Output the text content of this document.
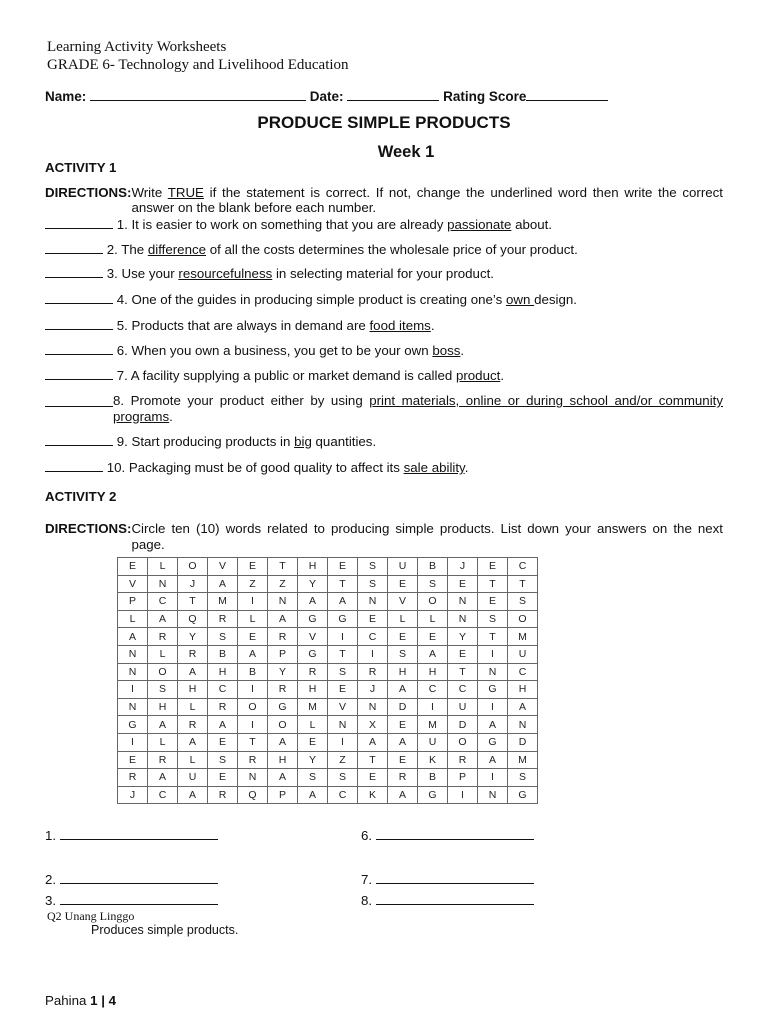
Learning Activity Worksheets
GRADE 6- Technology and Livelihood Education
Name:	Date:	Rating Score
PRODUCE SIMPLE PRODUCTS
Week 1
ACTIVITY 1
DIRECTIONS: Write TRUE if the statement is correct. If not, change the underlined word then write the correct answer on the blank before each number.
1. It is easier to work on something that you are already passionate about.
2. The difference of all the costs determines the wholesale price of your product.
3. Use your resourcefulness in selecting material for your product.
4. One of the guides in producing simple product is creating one’s own design.
5. Products that are always in demand are food items.
6. When you own a business, you get to be your own boss.
7. A facility supplying a public or market demand is called product.
8. Promote your product either by using print materials, online or during school and/or community programs.
9. Start producing products in big quantities.
10. Packaging must be of good quality to affect its sale ability.
ACTIVITY 2
DIRECTIONS: Circle ten (10) words related to producing simple products. List down your answers on the next page.
E	L	O	V	E	T	H	E	S	U	B	J	E	C
V	N	J	A	Z	Z	Y	T	S	E	S	E	T	T
P	C	T	M	I	N	A	A	N	V	O	N	E	S
L	A	Q	R	L	A	G	G	E	L	L	N	S	O
A	R	Y	S	E	R	V	I	C	E	E	Y	T	M
N	L	R	B	A	P	G	T	I	S	A	E	I	U
N	O	A	H	B	Y	R	S	R	H	H	T	N	C
I	S	H	C	I	R	H	E	J	A	C	C	G	H
N	H	L	R	O	G	M	V	N	D	I	U	I	A
G	A	R	A	I	O	L	N	X	E	M	D	A	N
I	L	A	E	T	A	E	I	A	A	U	O	G	D
E	R	L	S	R	H	Y	Z	T	E	K	R	A	M
R	A	U	E	N	A	S	S	E	R	B	P	I	S
J	C	A	R	Q	P	A	C	K	A	G	I	N	G
1.	6.
2.	7.
3.	8.
Q2 Unang Linggo
Produces simple products.
Pahina 1 | 4
